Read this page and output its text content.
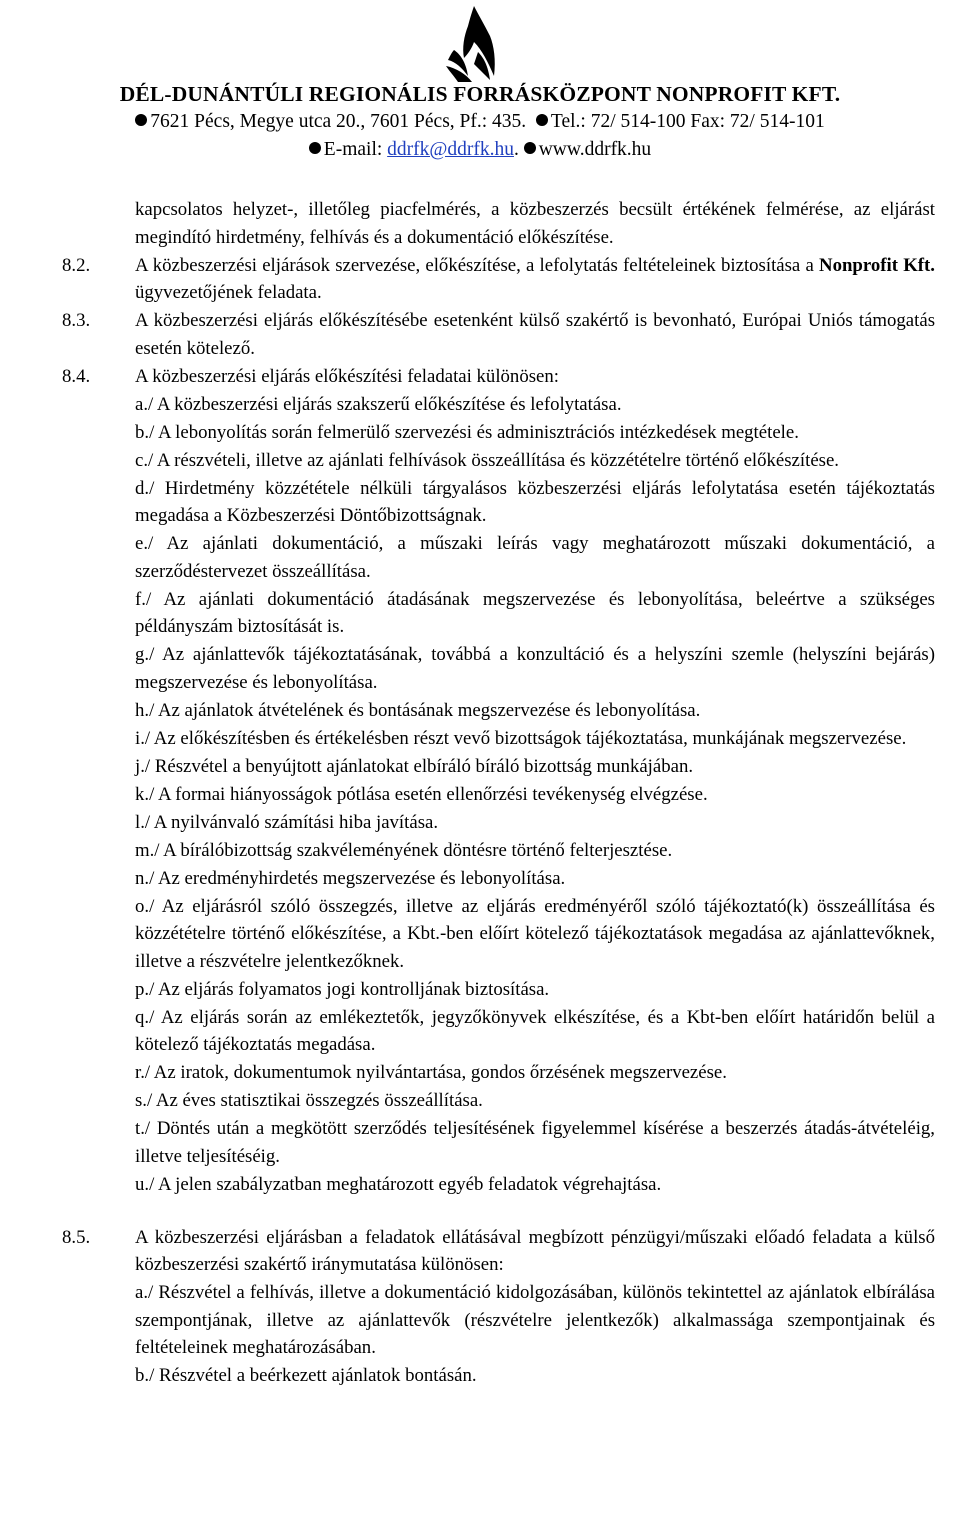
DÉL-DUNÁNTÚLI REGIONÁLIS FORRÁSKÖZPONT NONPROFIT KFT.
7621 Pécs, Megye utca 20., 7601 Pécs, Pf.: 435. Tel.: 72/ 514-100 Fax: 72/ 514-101
E-mail: ddrfk@ddrfk.hu. www.ddrfk.hu
kapcsolatos helyzet-, illetőleg piacfelmérés, a közbeszerzés becsült értékének felmérése, az eljárást megindító hirdetmény, felhívás és a dokumentáció előkészítése.
8.2. A közbeszerzési eljárások szervezése, előkészítése, a lefolytatás feltételeinek biztosítása a Nonprofit Kft. ügyvezetőjének feladata.
8.3. A közbeszerzési eljárás előkészítésébe esetenként külső szakértő is bevonható, Európai Uniós támogatás esetén kötelező.
8.4. A közbeszerzési eljárás előkészítési feladatai különösen:
a./ A közbeszerzési eljárás szakszerű előkészítése és lefolytatása.
b./ A lebonyolítás során felmerülő szervezési és adminisztrációs intézkedések megtétele.
c./ A részvételi, illetve az ajánlati felhívások összeállítása és közzétételre történő előkészítése.
d./ Hirdetmény közzététele nélküli tárgyalásos közbeszerzési eljárás lefolytatása esetén tájékoztatás megadása a Közbeszerzési Döntőbizottságnak.
e./ Az ajánlati dokumentáció, a műszaki leírás vagy meghatározott műszaki dokumentáció, a szerződéstervezet összeállítása.
f./ Az ajánlati dokumentáció átadásának megszervezése és lebonyolítása, beleértve a szükséges példányszám biztosítását is.
g./ Az ajánlattevők tájékoztatásának, továbbá a konzultáció és a helyszíni szemle (helyszíni bejárás) megszervezése és lebonyolítása.
h./ Az ajánlatok átvételének és bontásának megszervezése és lebonyolítása.
i./ Az előkészítésben és értékelésben részt vevő bizottságok tájékoztatása, munkájának megszervezése.
j./ Részvétel a benyújtott ajánlatokat elbíráló bíráló bizottság munkájában.
k./ A formai hiányosságok pótlása esetén ellenőrzési tevékenység elvégzése.
l./ A nyilvánvaló számítási hiba javítása.
m./ A bírálóbizottság szakvéleményének döntésre történő felterjesztése.
n./ Az eredményhirdetés megszervezése és lebonyolítása.
o./ Az eljárásról szóló összegzés, illetve az eljárás eredményéről szóló tájékoztató(k) összeállítása és közzétételre történő előkészítése, a Kbt.-ben előírt kötelező tájékoztatások megadása az ajánlattevőknek, illetve a részvételre jelentkezőknek.
p./ Az eljárás folyamatos jogi kontrolljának biztosítása.
q./ Az eljárás során az emlékeztetők, jegyzőkönyvek elkészítése, és a Kbt-ben előírt határidőn belül a kötelező tájékoztatás megadása.
r./ Az iratok, dokumentumok nyilvántartása, gondos őrzésének megszervezése.
s./ Az éves statisztikai összegzés összeállítása.
t./ Döntés után a megkötött szerződés teljesítésének figyelemmel kísérése a beszerzés átadás-átvételéig, illetve teljesítéséig.
u./ A jelen szabályzatban meghatározott egyéb feladatok végrehajtása.
8.5. A közbeszerzési eljárásban a feladatok ellátásával megbízott pénzügyi/műszaki előadó feladata a külső közbeszerzési szakértő iránymutatása különösen:
a./ Részvétel a felhívás, illetve a dokumentáció kidolgozásában, különös tekintettel az ajánlatok elbírálása szempontjának, illetve az ajánlattevők (részvételre jelentkezők) alkalmassága szempontjainak és feltételeinek meghatározásában.
b./ Részvétel a beérkezett ajánlatok bontásán.
